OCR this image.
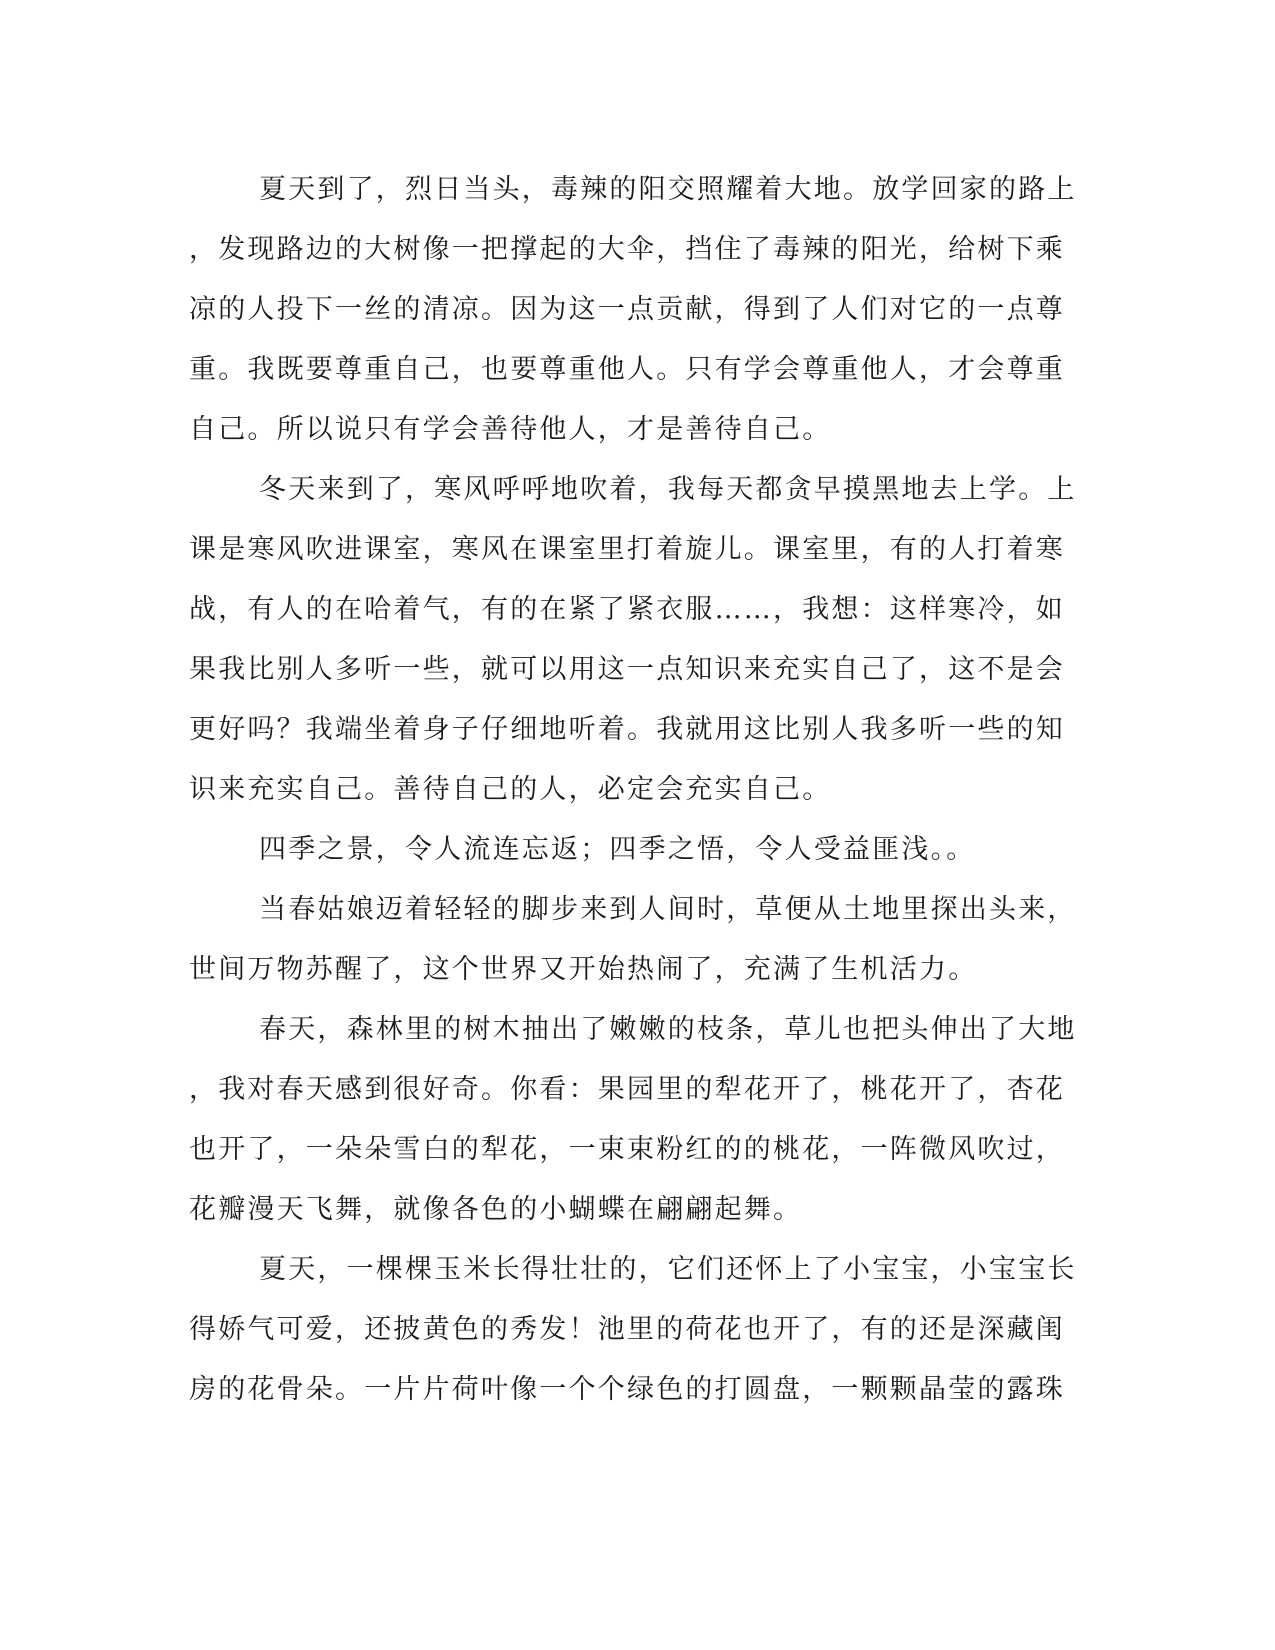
夏天到了，烈日当头，毒辣的阳交照耀着大地。放学回家的路上
，发现路边的大树像一把撑起的大伞，挡住了毒辣的阳光，给树下乘
凉的人投下一丝的清凉。因为这一点贡献，得到了人们对它的一点尊
重。我既要尊重自己，也要尊重他人。只有学会尊重他人，才会尊重
自己。所以说只有学会善待他人，才是善待自己。
冬天来到了，寒风呼呼地吹着，我每天都贪早摸黑地去上学。上
课是寒风吹进课室，寒风在课室里打着旋儿。课室里，有的人打着寒
战，有人的在哈着气，有的在紧了紧衣服……，我想：这样寒冷，如
果我比别人多听一些，就可以用这一点知识来充实自己了，这不是会
更好吗？我端坐着身子仔细地听着。我就用这比别人我多听一些的知
识来充实自己。善待自己的人，必定会充实自己。
四季之景，令人流连忘返；四季之悟，令人受益匪浅。。
当春姑娘迈着轻轻的脚步来到人间时，草便从土地里探出头来，
世间万物苏醒了，这个世界又开始热闹了，充满了生机活力。
春天，森林里的树木抽出了嫩嫩的枝条，草儿也把头伸出了大地
，我对春天感到很好奇。你看：果园里的犁花开了，桃花开了，杏花
也开了，一朵朵雪白的犁花，一束束粉红的的桃花，一阵微风吹过，
花瓣漫天飞舞，就像各色的小蝴蝶在翩翩起舞。
夏天，一棵棵玉米长得壮壮的，它们还怀上了小宝宝，小宝宝长
得娇气可爱，还披黄色的秀发！池里的荷花也开了，有的还是深藏闺
房的花骨朵。一片片荷叶像一个个绿色的打圆盘，一颗颗晶莹的露珠
